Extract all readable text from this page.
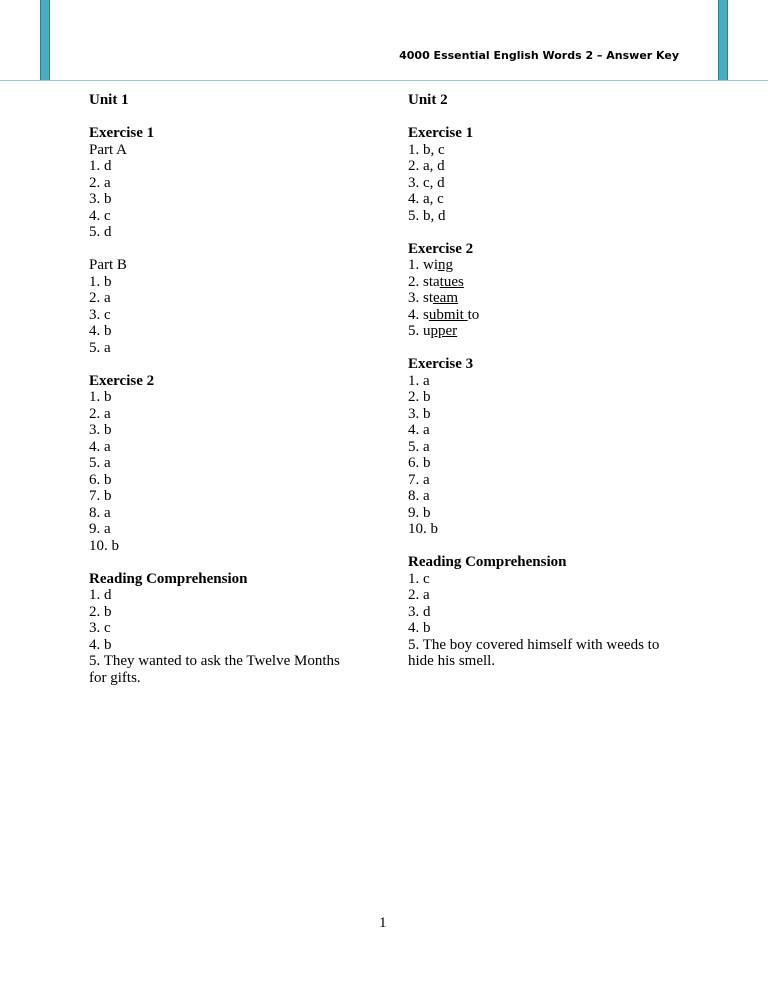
4000 Essential English Words 2 – Answer Key
Unit 1
Exercise 1
Part A
1. d
2. a
3. b
4. c
5. d
Part B
1. b
2. a
3. c
4. b
5. a
Exercise 2
1. b
2. a
3. b
4. a
5. a
6. b
7. b
8. a
9. a
10. b
Reading Comprehension
1. d
2. b
3. c
4. b
5. They wanted to ask the Twelve Months for gifts.
Unit 2
Exercise 1
1. b, c
2. a, d
3. c, d
4. a, c
5. b, d
Exercise 2
1. wing
2. statues
3. steam
4. submit to
5. upper
Exercise 3
1. a
2. b
3. b
4. a
5. a
6. b
7. a
8. a
9. b
10. b
Reading Comprehension
1. c
2. a
3. d
4. b
5. The boy covered himself with weeds to hide his smell.
1
